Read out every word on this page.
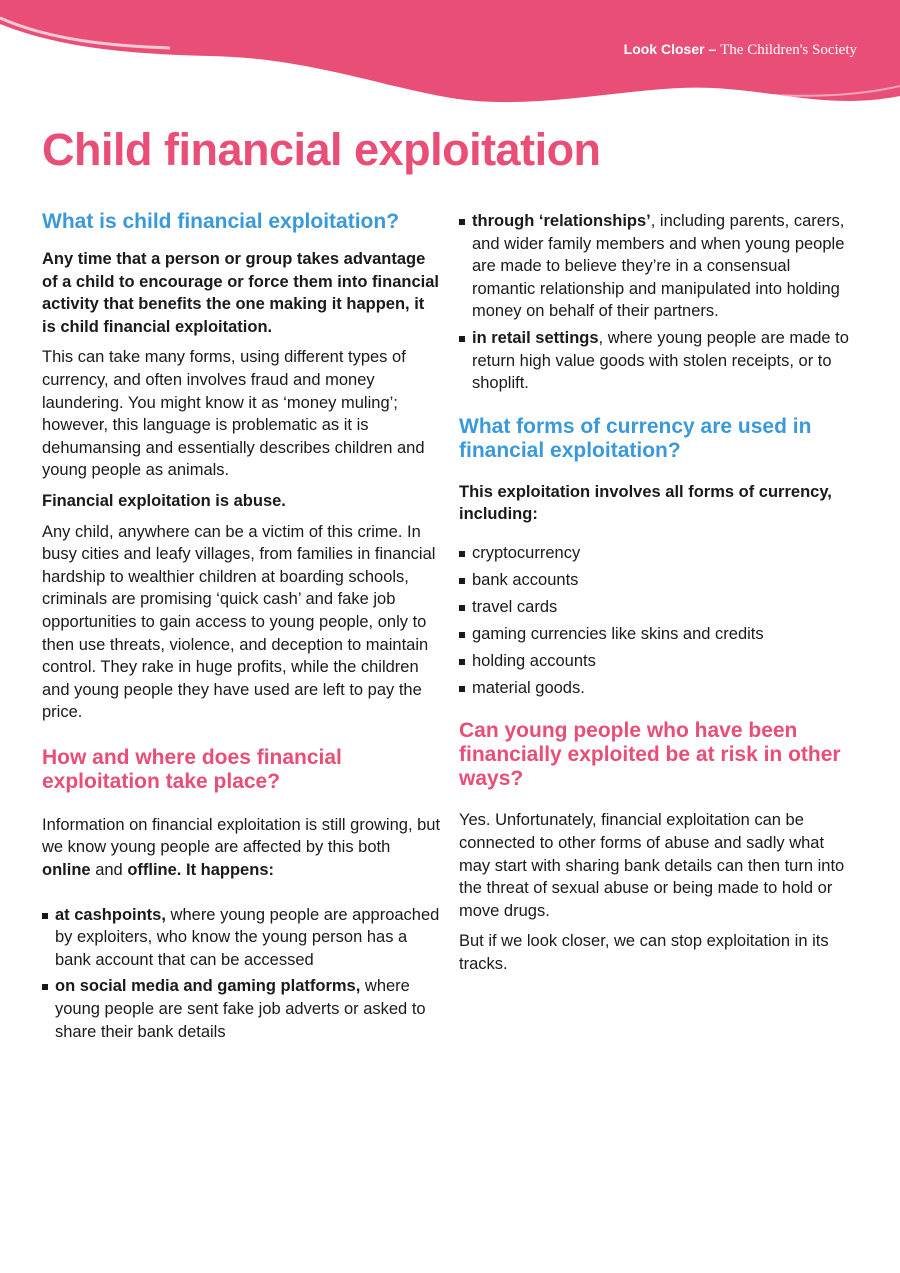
Look Closer – The Children's Society
Child financial exploitation
What is child financial exploitation?

Any time that a person or group takes advantage of a child to encourage or force them into financial activity that benefits the one making it happen, it is child financial exploitation.

This can take many forms, using different types of currency, and often involves fraud and money laundering. You might know it as ‘money muling’; however, this language is problematic as it is dehumansing and essentially describes children and young people as animals.

Financial exploitation is abuse.

Any child, anywhere can be a victim of this crime. In busy cities and leafy villages, from families in financial hardship to wealthier children at boarding schools, criminals are promising ‘quick cash’ and fake job opportunities to gain access to young people, only to then use threats, violence, and deception to maintain control. They rake in huge profits, while the children and young people they have used are left to pay the price.

How and where does financial exploitation take place?

Information on financial exploitation is still growing, but we know young people are affected by this both online and offline. It happens:

at cashpoints, where young people are approached by exploiters, who know the young person has a bank account that can be accessed
on social media and gaming platforms, where young people are sent fake job adverts or asked to share their bank details
through ‘relationships’, including parents, carers, and wider family members and when young people are made to believe they’re in a consensual romantic relationship and manipulated into holding money on behalf of their partners.
in retail settings, where young people are made to return high value goods with stolen receipts, or to shoplift.
What forms of currency are used in financial exploitation?

This exploitation involves all forms of currency, including:

cryptocurrency
bank accounts
travel cards
gaming currencies like skins and credits
holding accounts
material goods.
Can young people who have been financially exploited be at risk in other ways?

Yes. Unfortunately, financial exploitation can be connected to other forms of abuse and sadly what may start with sharing bank details can then turn into the threat of sexual abuse or being made to hold or move drugs.

But if we look closer, we can stop exploitation in its tracks.
